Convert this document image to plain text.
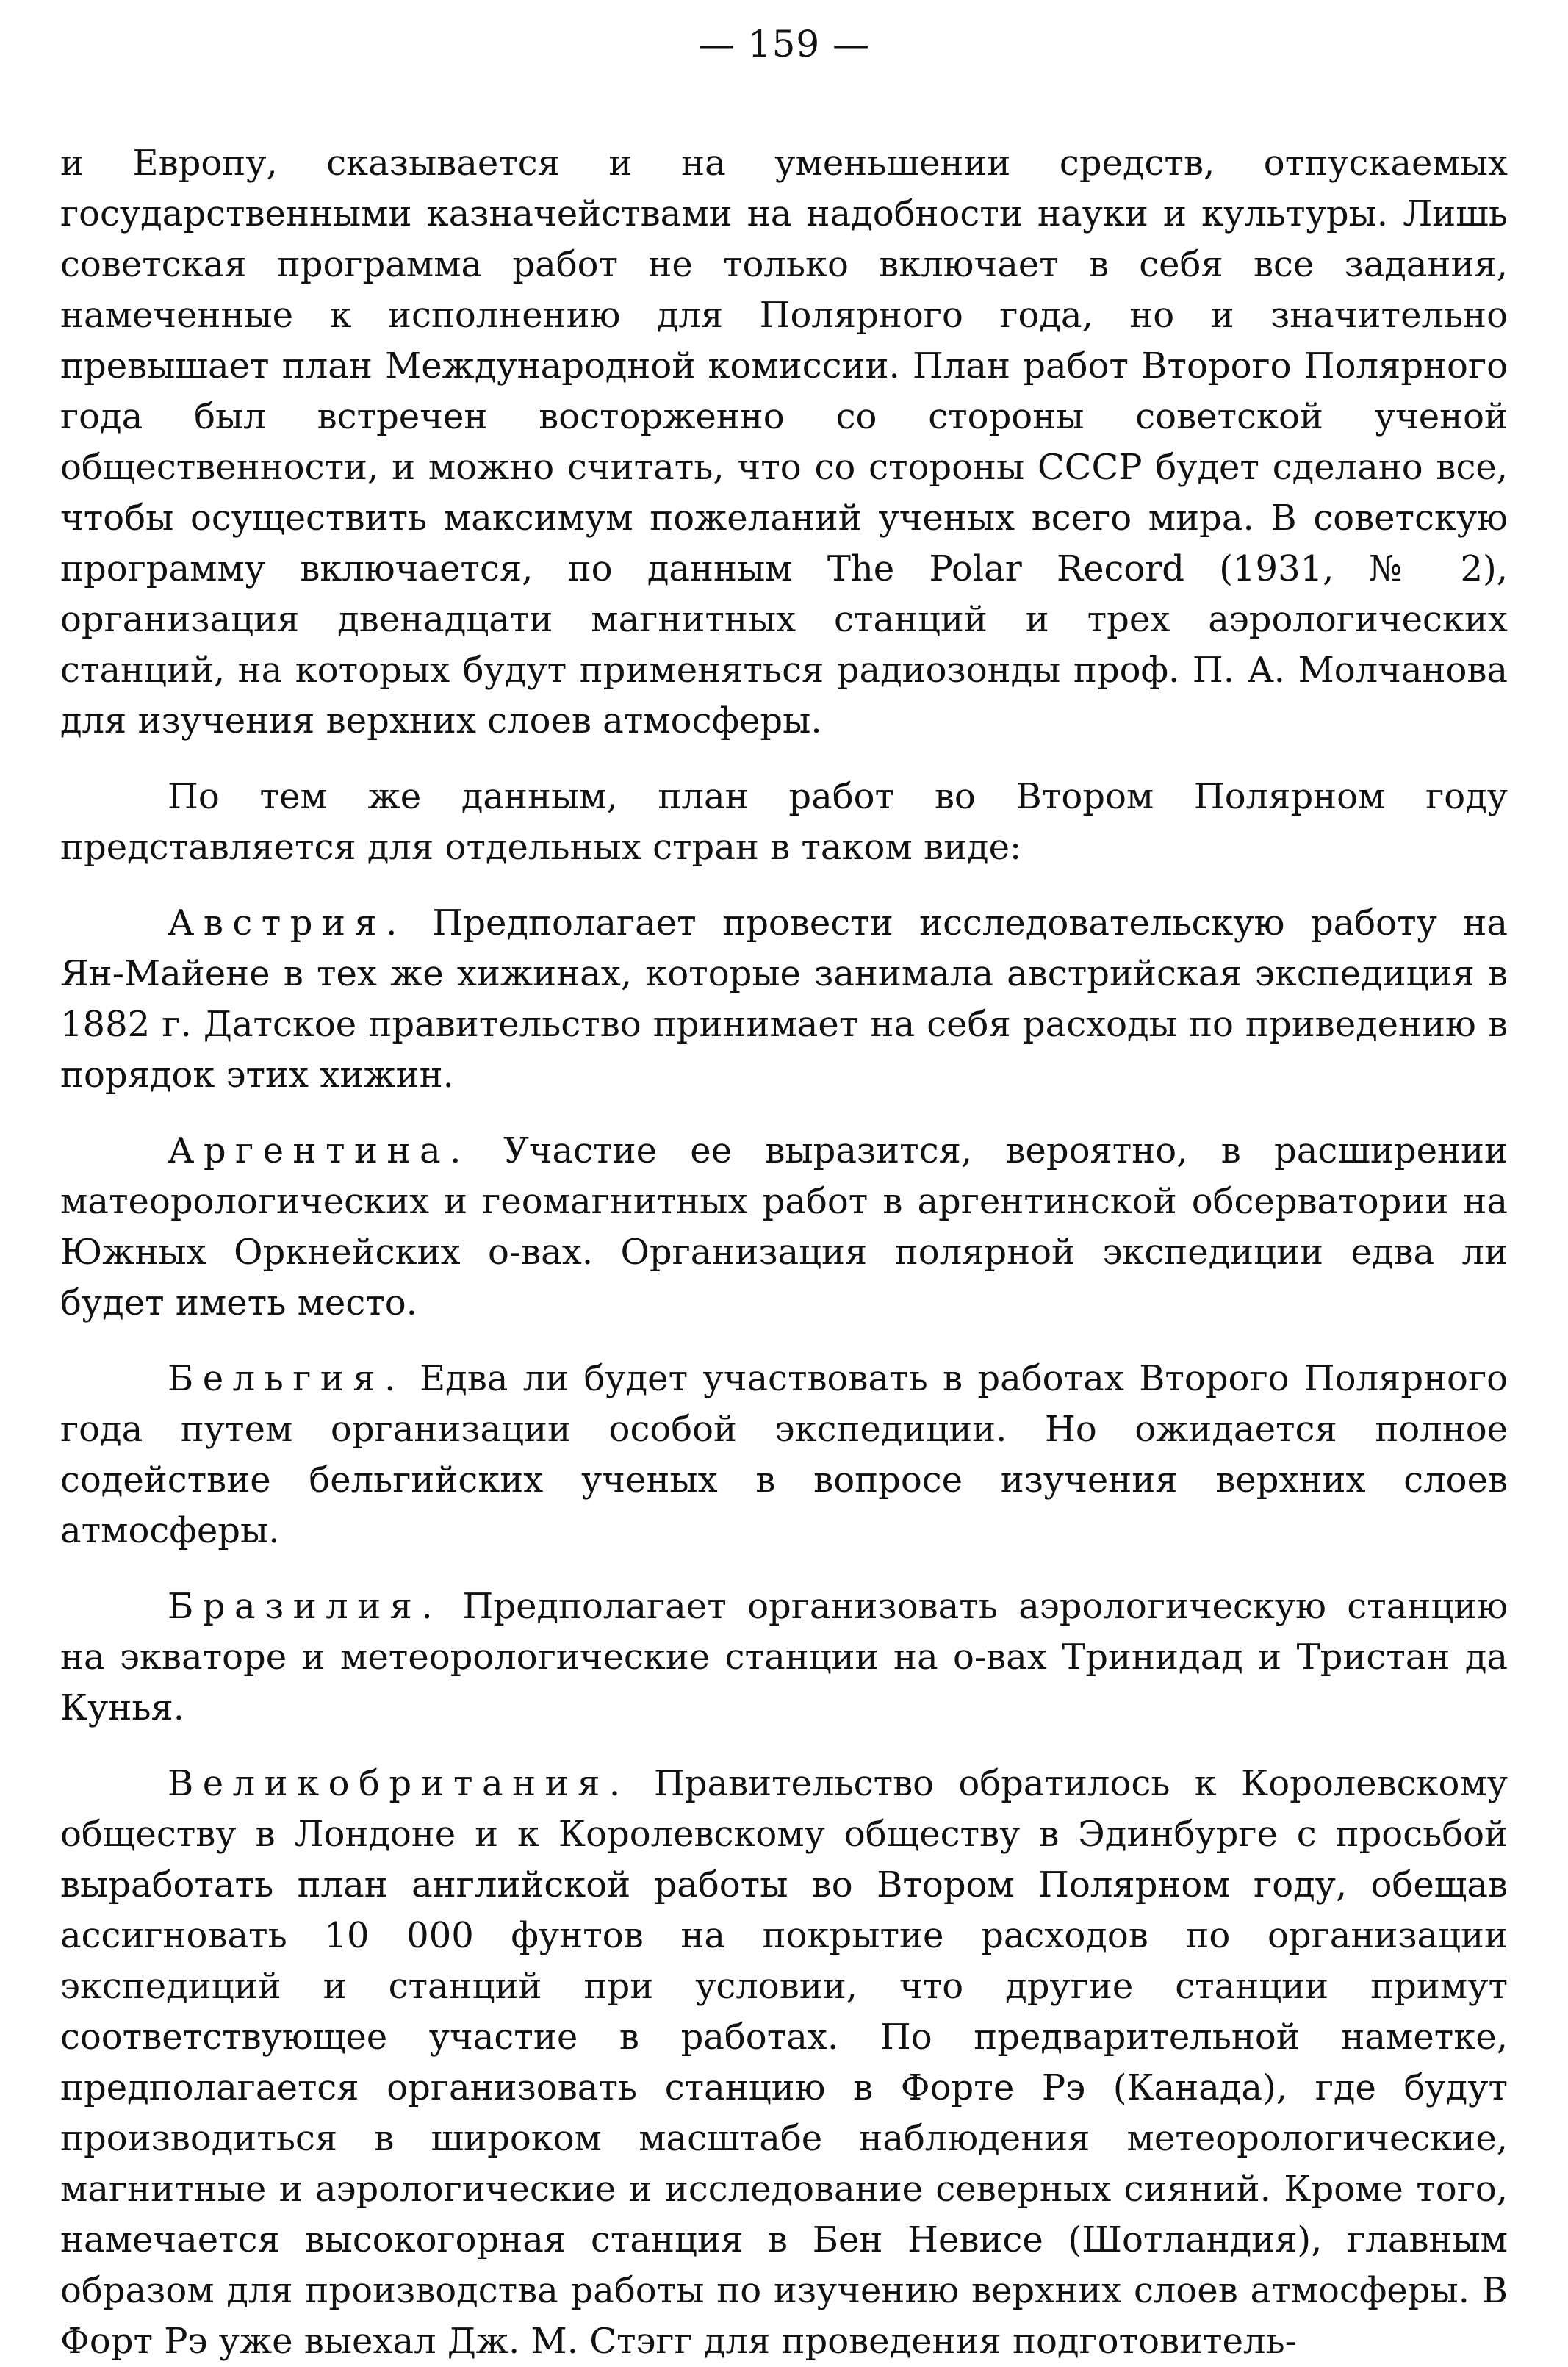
— 159 —

и Европу, сказывается и на уменьшении средств, отпускаемых государственными казначействами на надобности науки и культуры. Лишь советская программа работ не только включает в себя все задания, намеченные к исполнению для Полярного года, но и значительно превышает план Международной комиссии. План работ Второго Полярного года был встречен восторженно со стороны советской ученой общественности, и можно считать, что со стороны СССР будет сделано все, чтобы осуществить максимум пожеланий ученых всего мира. В советскую программу включается, по данным The Polar Record (1931, № 2), организация двенадцати магнитных станций и трех аэрологических станций, на которых будут применяться радиозонды проф. П. А. Молчанова для изучения верхних слоев атмосферы.

По тем же данным, план работ во Втором Полярном году представляется для отдельных стран в таком виде:

Австрия. Предполагает провести исследовательскую работу на Ян-Майене в тех же хижинах, которые занимала австрийская экспедиция в 1882 г. Датское правительство принимает на себя расходы по приведению в порядок этих хижин.

Аргентина. Участие ее выразится, вероятно, в расширении матеорологических и геомагнитных работ в аргентинской обсерватории на Южных Оркнейских о-вах. Организация полярной экспедиции едва ли будет иметь место.

Бельгия. Едва ли будет участвовать в работах Второго Полярного года путем организации особой экспедиции. Но ожидается полное содействие бельгийских ученых в вопросе изучения верхних слоев атмосферы.

Бразилия. Предполагает организовать аэрологическую станцию на экваторе и метеорологические станции на о-вах Тринидад и Тристан да Кунья.

Великобритания. Правительство обратилось к Королевскому обществу в Лондоне и к Королевскому обществу в Эдинбурге с просьбой выработать план английской работы во Втором Полярном году, обещав ассигновать 10 000 фунтов на покрытие расходов по организации экспедиций и станций при условии, что другие станции примут соответствующее участие в работах. По предварительной наметке, предполагается организовать станцию в Форте Рэ (Канада), где будут производиться в широком масштабе наблюдения метеорологические, магнитные и аэрологические и исследование северных сияний. Кроме того, намечается высокогорная станция в Бен Невисе (Шотландия), главным образом для производства работы по изучению верхних слоев атмосферы. В Форт Рэ уже выехал Дж. М. Стэгг для проведения подготовитель-
